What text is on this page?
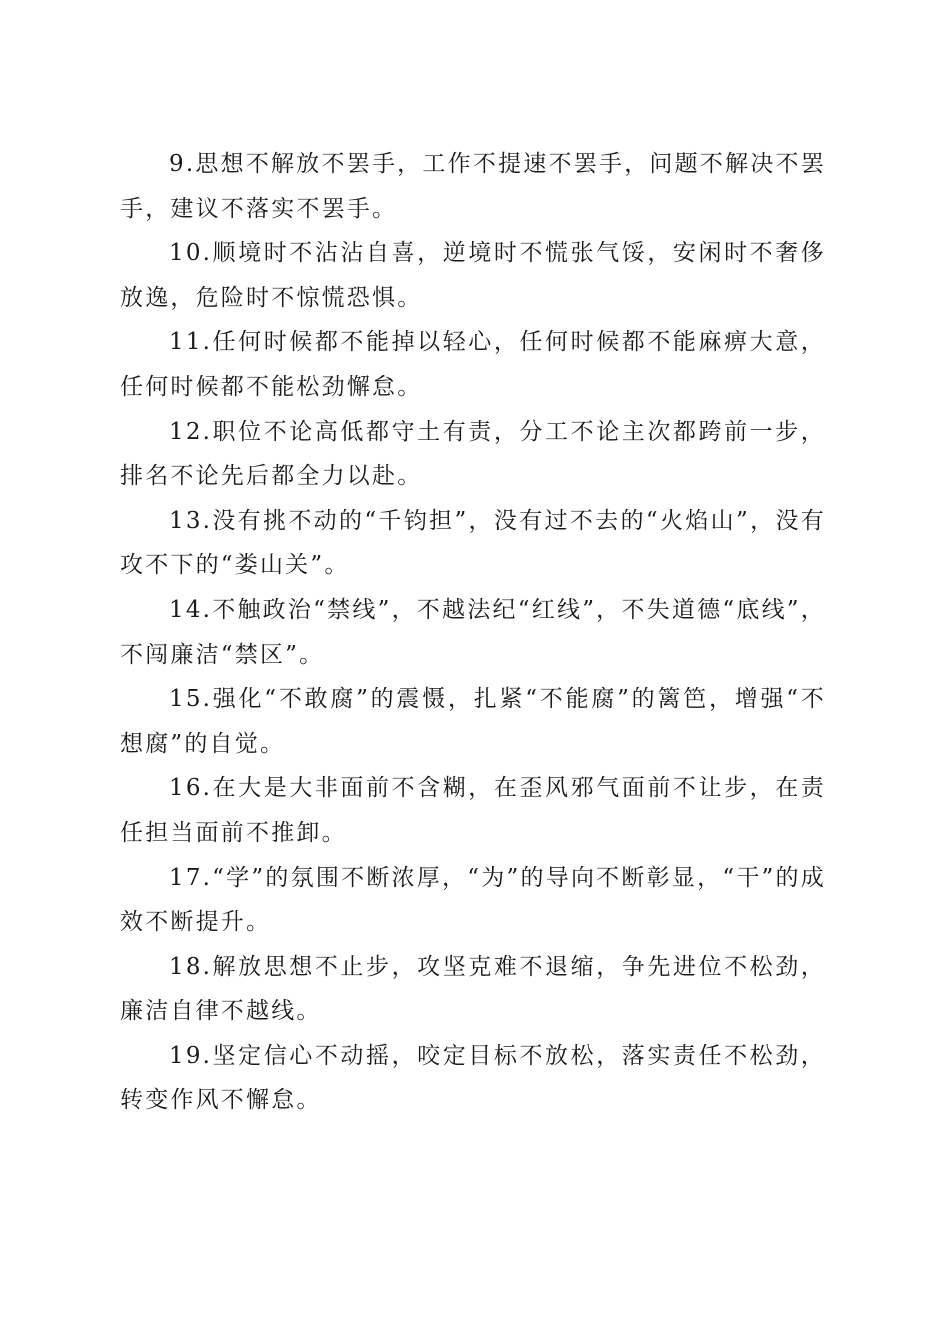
9.思想不解放不罢手，工作不提速不罢手，问题不解决不罢手，建议不落实不罢手。

10.顺境时不沾沾自喜，逆境时不慌张气馁，安闲时不奢侈放逸，危险时不惊慌恐惧。

11.任何时候都不能掉以轻心，任何时候都不能麻痹大意，任何时候都不能松劲懈怠。

12.职位不论高低都守土有责，分工不论主次都跨前一步，排名不论先后都全力以赴。

13.没有挑不动的“千钧担”，没有过不去的“火焰山”，没有攻不下的“娄山关”。

14.不触政治“禁线”，不越法纪“红线”，不失道德“底线”，不闯廉洁“禁区”。

15.强化“不敢腐”的震慑，扎紧“不能腐”的篱笆，增强“不想腐”的自觉。

16.在大是大非面前不含糊，在歪风邪气面前不让步，在责任担当面前不推卸。

17.“学”的氛围不断浓厚，“为”的导向不断彰显，“干”的成效不断提升。

18.解放思想不止步，攻坚克难不退缩，争先进位不松劲，廉洁自律不越线。

19.坚定信心不动摇，咬定目标不放松，落实责任不松劲，转变作风不懈怠。
